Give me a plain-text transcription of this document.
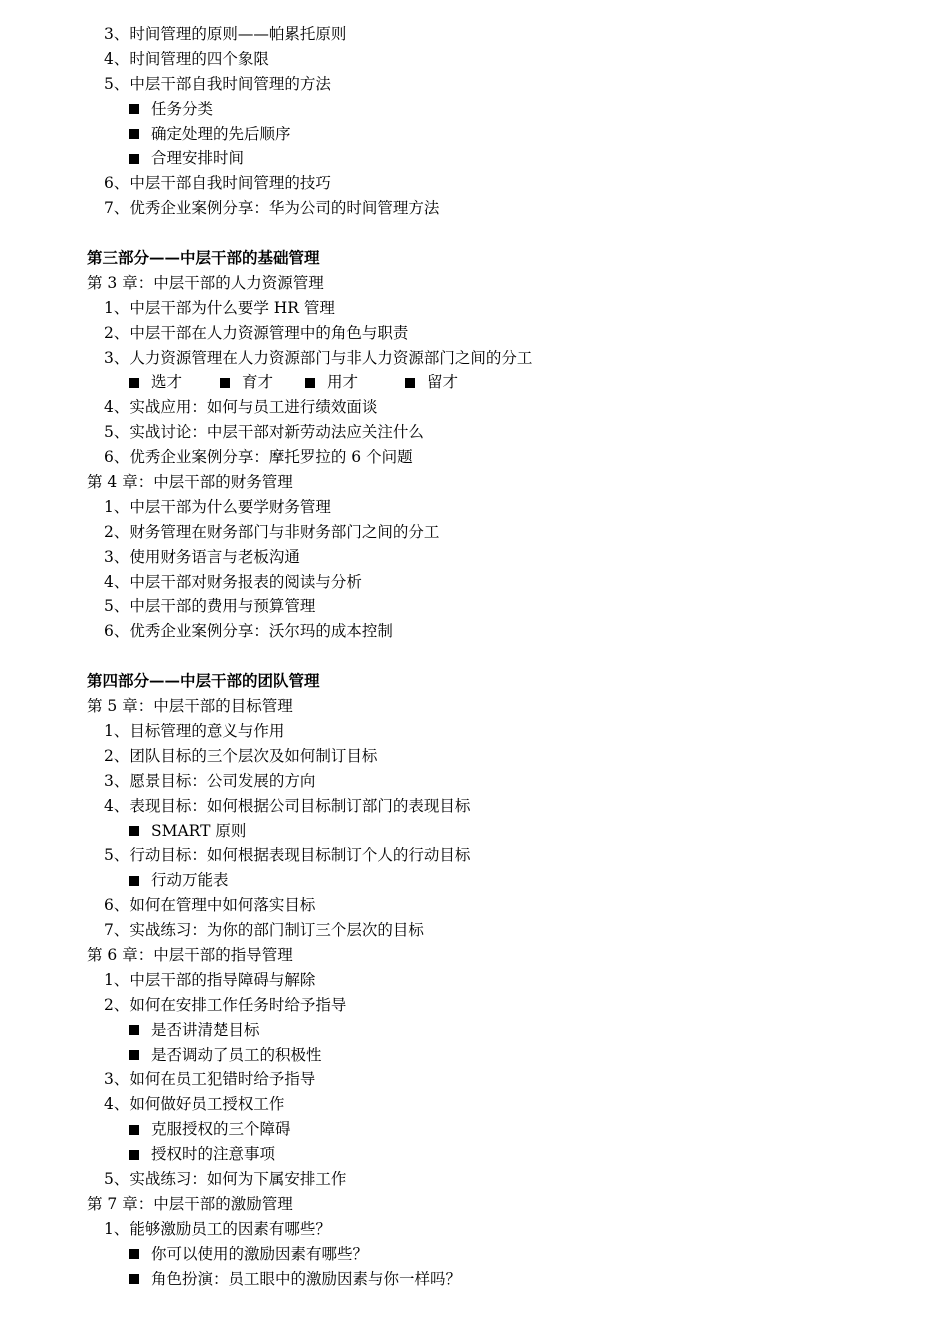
3、时间管理的原则——帕累托原则
4、时间管理的四个象限
5、中层干部自我时间管理的方法
任务分类
确定处理的先后顺序
合理安排时间
6、中层干部自我时间管理的技巧
7、优秀企业案例分享：华为公司的时间管理方法
第三部分——中层干部的基础管理
第 3 章：中层干部的人力资源管理
1、中层干部为什么要学 HR 管理
2、中层干部在人力资源管理中的角色与职责
3、人力资源管理在人力资源部门与非人力资源部门之间的分工
选才	育才	用才	留才
4、实战应用：如何与员工进行绩效面谈
5、实战讨论：中层干部对新劳动法应关注什么
6、优秀企业案例分享：摩托罗拉的 6 个问题
第 4 章：中层干部的财务管理
1、中层干部为什么要学财务管理
2、财务管理在财务部门与非财务部门之间的分工
3、使用财务语言与老板沟通
4、中层干部对财务报表的阅读与分析
5、中层干部的费用与预算管理
6、优秀企业案例分享：沃尔玛的成本控制
第四部分——中层干部的团队管理
第 5 章：中层干部的目标管理
1、目标管理的意义与作用
2、团队目标的三个层次及如何制订目标
3、愿景目标：公司发展的方向
4、表现目标：如何根据公司目标制订部门的表现目标
SMART 原则
5、行动目标：如何根据表现目标制订个人的行动目标
行动万能表
6、如何在管理中如何落实目标
7、实战练习：为你的部门制订三个层次的目标
第 6 章：中层干部的指导管理
1、中层干部的指导障碍与解除
2、如何在安排工作任务时给予指导
是否讲清楚目标
是否调动了员工的积极性
3、如何在员工犯错时给予指导
4、如何做好员工授权工作
克服授权的三个障碍
授权时的注意事项
5、实战练习：如何为下属安排工作
第 7 章：中层干部的激励管理
1、能够激励员工的因素有哪些？
你可以使用的激励因素有哪些？
角色扮演：员工眼中的激励因素与你一样吗？
